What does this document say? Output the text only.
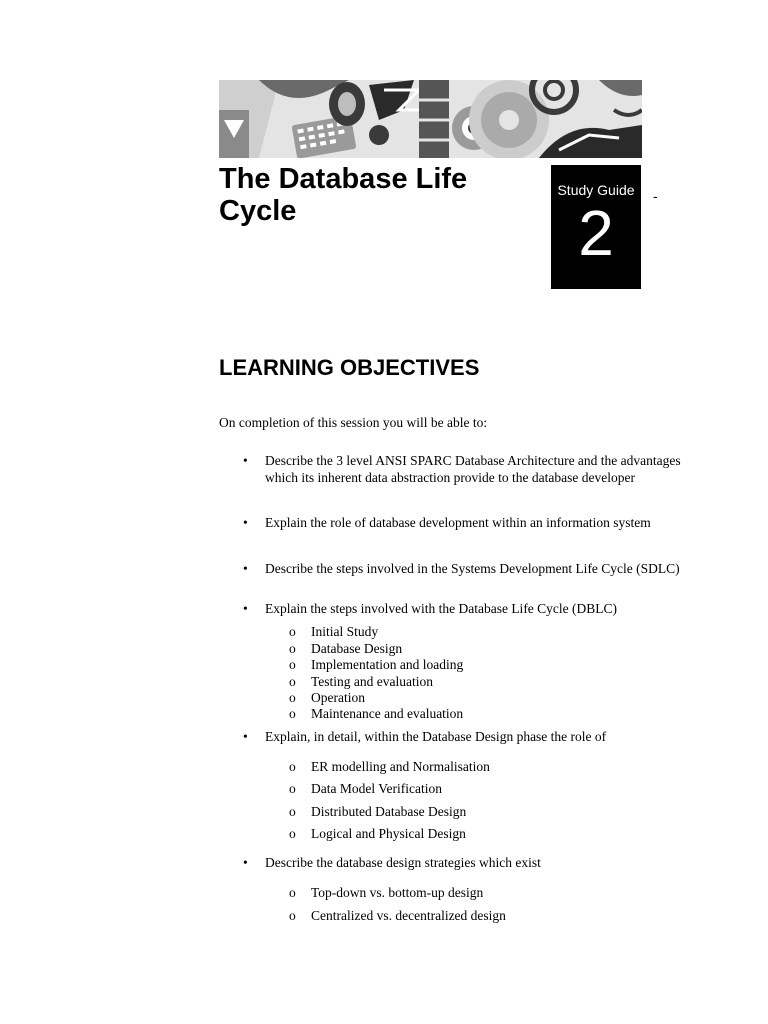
The Database Life Cycle
Study Guide
2
-
LEARNING OBJECTIVES

On completion of this session you will be able to:

• Describe the 3 level ANSI SPARC Database Architecture and the advantages which its inherent data abstraction provide to the database developer
• Explain the role of database development within an information system
• Describe the steps involved in the Systems Development Life Cycle (SDLC)
• Explain the steps involved with the Database Life Cycle (DBLC)
o Initial Study
o Database Design
o Implementation and loading
o Testing and evaluation
o Operation
o Maintenance and evaluation
• Explain, in detail, within the Database Design phase the role of
o ER modelling and Normalisation
o Data Model Verification
o Distributed Database Design
o Logical and Physical Design
• Describe the database design strategies which exist
o Top-down vs. bottom-up design
o Centralized vs. decentralized design
